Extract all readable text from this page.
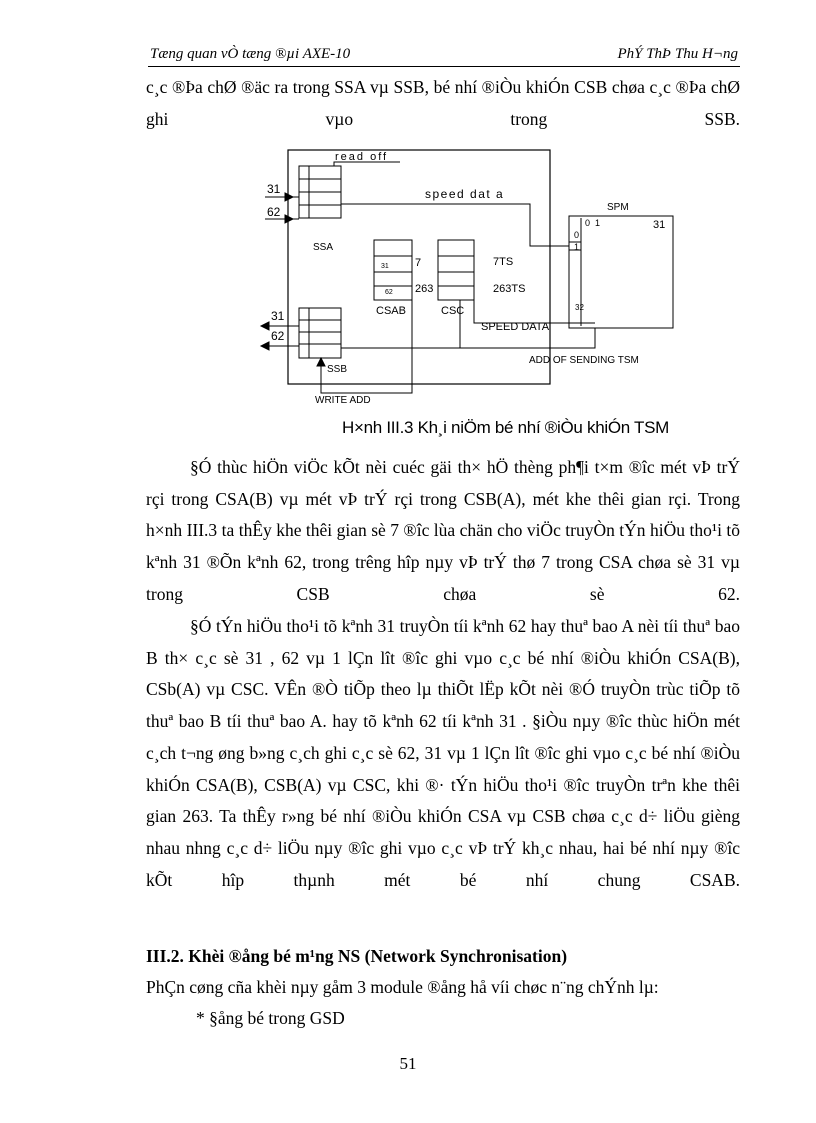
Tæng quan vÒ tæng ®µi AXE-10	PhÝ ThÞ Thu H¬ng

c¸c ®Þa chØ ®äc ra trong SSA vµ SSB, bé nhí ®iÒu khiÓn CSB chøa c¸c ®Þa chØ ghi vµo trong SSB.

read off
speed dat a
31
62
SSA
SPM
0 1	31
0
1
32
31 7
62 263
7TS
263TS
CSAB	CSC
SPEED DATA
31
62
SSB
ADD OF SENDING TSM
WRITE ADD
H×nh III.3 Kh¸i niÖm bé nhí ®iÒu khiÓn TSM

§Ó thùc hiÖn viÖc kÕt nèi cuéc gäi th× hÖ thèng ph¶i t×m ®îc mét vÞ trÝ rçi trong CSA(B) vµ mét vÞ trÝ rçi trong CSB(A), mét khe thêi gian rçi. Trong h×nh III.3 ta thÊy khe thêi gian sè 7 ®îc lùa chän cho viÖc truyÒn tÝn hiÖu tho¹i tõ kªnh 31 ®Õn kªnh 62, trong trêng hîp nµy vÞ trÝ thø 7 trong CSA chøa sè 31 vµ trong CSB chøa sè 62.

§Ó tÝn hiÖu tho¹i tõ kªnh 31 truyÒn tíi kªnh 62 hay thuª bao A nèi tíi thuª bao B th× c¸c sè 31 , 62 vµ 1 lÇn lît ®îc ghi vµo c¸c bé nhí ®iÒu khiÓn CSA(B), CSb(A) vµ CSC. VÊn ®Ò tiÕp theo lµ thiÕt lËp kÕt nèi ®Ó truyÒn trùc tiÕp tõ thuª bao B tíi thuª bao A. hay tõ kªnh 62 tíi kªnh 31 . §iÒu nµy ®îc thùc hiÖn mét c¸ch t¬ng øng b»ng c¸ch ghi c¸c sè 62, 31 vµ 1 lÇn lît ®îc ghi vµo c¸c bé nhí ®iÒu khiÓn CSA(B), CSB(A) vµ CSC, khi ®· tÝn hiÖu tho¹i ®îc truyÒn trªn khe thêi gian 263. Ta thÊy r»ng bé nhí ®iÒu khiÓn CSA vµ CSB chøa c¸c d÷ liÖu gièng nhau nhng c¸c d÷ liÖu nµy ®îc ghi vµo c¸c vÞ trÝ kh¸c nhau, hai bé nhí nµy ®îc kÕt hîp thµnh mét bé nhí chung CSAB.

III.2. Khèi ®ång bé m¹ng NS (Network Synchronisation)

PhÇn cøng cña khèi nµy gåm 3 module ®ång hå víi chøc n¨ng chÝnh lµ:

* §ång bé trong GSD

51
